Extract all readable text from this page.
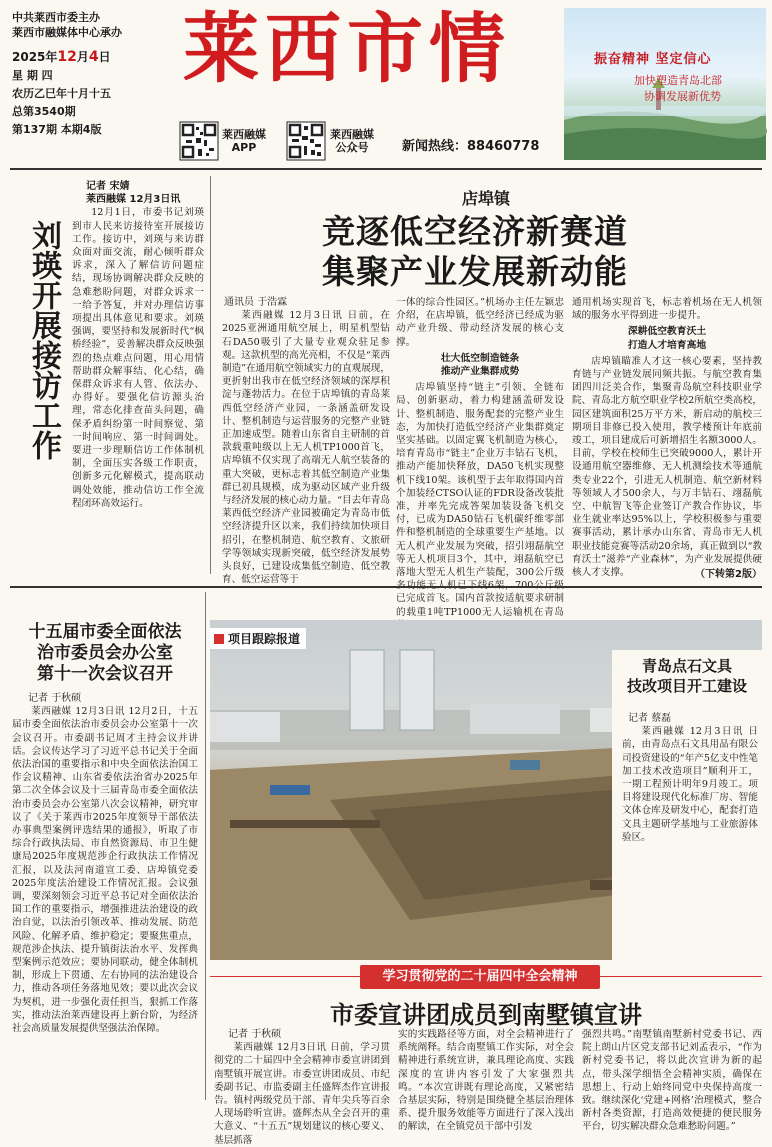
中共莱西市委主办
莱西市融媒体中心承办
2025年12月4日
星 期 四
农历乙巳年十月十五
总第3540期
第137期 本期4版
莱西市情
莱西融媒
APP
莱西融媒
公众号	新闻热线：88460778
振奋精神 坚定信心
加快塑造青岛北部
协调发展新优势
刘瑛开展接访工作
记者 宋婧
莱西融媒 12月3日讯
12月1日，市委书记刘瑛到市人民来访接待室开展接访工作。接访中，刘瑛与来访群众面对面交流，耐心倾听群众诉求，深入了解信访问题症结，现场协调解决群众反映的急难愁盼问题，对群众诉求一一给予答复，并对办理信访事项提出具体意见和要求。刘瑛强调，要坚持和发展新时代“枫桥经验”，妥善解决群众反映强烈的热点难点问题，用心用情帮助群众解事结、化心结，确保群众诉求有人管、依法办、办得好。要强化信访源头治理，常态化排查苗头问题，确保矛盾纠纷第一时间察觉、第一时间响应、第一时间调处。要进一步理顺信访工作体制机制，全面压实各级工作职责，创新多元化解模式，提高联动调处效能，推动信访工作全流程闭环高效运行。
店埠镇
竞逐低空经济新赛道
集聚产业发展新动能
通讯员 于浩霖
莱西融媒 12月3日讯 日前，在2025亚洲通用航空展上，明星机型钻石DA50吸引了大量专业观众驻足参观。这款机型的高光亮相，不仅是“莱西制造”在通用航空领域实力的直观展现，更折射出我市在低空经济领域的深厚积淀与蓬勃活力。在位于店埠镇的青岛莱西低空经济产业园，一条涵盖研发设计、整机制造与运营服务的完整产业链正加速成型。随着山东省自主研制的首款载重吨级以上无人机TP1000首飞，店埠镇不仅实现了高端无人航空装备的重大突破，更标志着其低空制造产业集群已初具规模，成为驱动区域产业升级与经济发展的核心动力量。“目去年青岛莱西低空经济产业园被确定为青岛市低空经济提升区以来，我们持续加快项目招引，在整机制造、航空教育、文旅研学等领域实现新突破，低空经济发展势头良好，已建设成集低空制造、低空教育、低空运营等于
一体的综合性园区。”机场办主任左颖忠介绍，在店埠镇，低空经济已经成为驱动产业升级、带动经济发展的核心支撑。
壮大低空制造链条
推动产业集群成势
店埠镇坚持“链主”引领、全链布局、创新驱动，着力构建涵盖研发设计、整机制造、服务配套的完整产业生态，为加快打造低空经济产业集群奠定坚实基础。以固定翼飞机制造为核心，培育青岛市“链主”企业万丰钻石飞机，推动产能加快释放，DA50飞机实现整机下线10架。该机型于去年取得国内首个加装经CTSO认证的FDR设备改装批准，并率先完成答架加装设备飞机交付，已成为DA50钻石飞机碳纤维零部件和整机制造的全球重要生产基地。以无人机产业发展为突破，招引翊磊航空等无人机项目3个，其中，翊磊航空已落地大型无人机生产装配，300公斤级 已完成首飞。国内首款按适航要求研制的载重1吨TP1000无人运输机在青岛
通用机场实现首飞，标志着机场在无人机领域的服务水平得到进一步提升。
深耕低空教育沃土
打造人才培育高地
店埠镇瞄准人才这一核心要素，坚持教育链与产业链发展同频共振。与航空教育集团四川泛美合作，集聚青岛航空科技职业学院、青岛北方航空职业学校2所航空类高校，园区建筑面积25万平方米，新启动的航校三期项目非修已投入使用，教学楼预计年底前竣工，项目建成后可新增招生名额3000人。目前，学校在校师生已突破9000人，累计开设通用航空器维修、无人机测绘技术等通航类专业22个，引进无人机制造、航空新材料等领域人才500余人，与万丰钻石、翊磊航空、中航智飞等企业签订产教合作协议，毕业生就业率达95%以上，学校积极参与重要赛事活动，累计承办山东省、青岛市无人机职业技能竞赛等活动20余场，真正做到以“教育沃土”滋养“产业森林”，为产业发展提供硬核人才支撑。	（下转第2版）
十五届市委全面依法
治市委员会办公室
第十一次会议召开
记者 于秋硕
莱西融媒 12月3日讯 12月2日，十五届市委全面依法治市委员会办公室第十一次会议召开。市委副书记周才主持会议并讲话。会议传达学习了习近平总书记关于全面依法治国的重要指示和中央全面依法治国工作会议精神、山东省委依法治省办2025年第二次全体会议及十三届青岛市委全面依法治市委员会办公室第八次会议精神，研究审议了《关于莱西市2025年度领导干部依法办事典型案例评选结果的通报》，听取了市综合行政执法局、市自然资源局、市卫生健康局2025年度规范涉企行政执法工作情况汇报，以及法河南道宣工委、店埠镇党委2025年度法治建设工作情况汇报。会议强调，要深刻领会习近平总书记对全面依法治国工作的重要指示，增强推进法治建设的政治自觉，以法治引领改革、推动发展、防范风险、化解矛盾、维护稳定；要聚焦重点，规范涉企执法、提升镇街法治水平、发挥典型案例示范效应；要协同联动，健全体制机制，形成上下贯通、左右协同的法治建设合力，推动各项任务落地见效；要以此次会议为契机，进一步强化责任担当，狠抓工作落实，推动法治莱西建设再上新台阶，为经济社会高质量发展提供坚强法治保障。
项目跟踪报道
青岛点石文具
技改项目开工建设
记者 蔡磊
莱西融媒 12月3日讯 日前，由青岛点石文具用品有限公司投资建设的“年产5亿支中性笔加工技术改造项目”顺利开工，一期工程预计明年9月竣工。项目将建设现代化标准厂房、智能文体仓库及研发中心，配套打造文具主题研学基地与工业旅游体验区。
学习贯彻党的二十届四中全会精神
市委宣讲团成员到南墅镇宣讲
记者 于秋硕
莱西融媒 12月3日讯 日前，学习贯彻党的二十届四中全会精神市委宣讲团到南墅镇开展宣讲。市委宣讲团成员、市纪委副书记、市监委副主任盛辉杰作宣讲报告。镇村两级党员干部、青年尖兵等百余人现场聆听宣讲。盛辉杰从全会召开的重大意义、“十五五”规划建议的核心要义、基层抓落
实的实践路径等方面，对全会精神进行了系统阐释。结合南墅镇工作实际，对全会精神进行系统宣讲，兼具理论高度、实践深度的宣讲内容引发了大家强烈共鸣。“本次宣讲既有理论高度，又紧密结合基层实际，特别是围绕健全基层治理体系、提升服务效能等方面进行了深入浅出的解读，在全镇党员干部中引发
强烈共鸣。”南墅镇南墅新村党委书记、西院上朗山片区党支部书记刘孟表示，“作为新村党委书记，将以此次宣讲为新的起点，带头深学细悟全会精神实质，确保在思想上、行动上始终同党中央保持高度一致。继续深化‘党建+网格’治理模式，整合新村各类资源，打造高效便捷的便民服务平台，切实解决群众急难愁盼问题。”
